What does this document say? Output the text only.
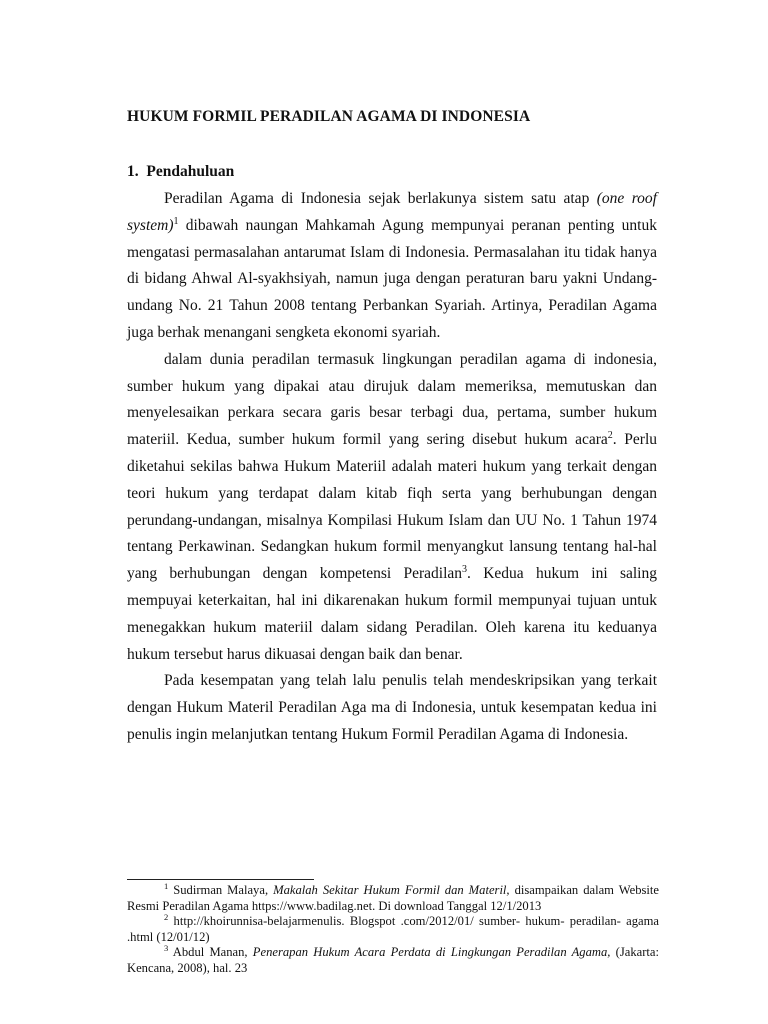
HUKUM FORMIL PERADILAN AGAMA DI INDONESIA
1. Pendahuluan

Peradilan Agama di Indonesia sejak berlakunya sistem satu atap (one roof system)$^1$ dibawah naungan Mahkamah Agung mempunyai peranan penting untuk mengatasi permasalahan antarumat Islam di Indonesia. Permasalahan itu tidak hanya di bidang Ahwal Al-syakhsiyah, namun juga dengan peraturan baru yakni Undang-undang No. 21 Tahun 2008 tentang Perbankan Syariah. Artinya, Peradilan Agama juga berhak menangani sengketa ekonomi syariah.

dalam dunia peradilan termasuk lingkungan peradilan agama di indonesia, sumber hukum yang dipakai atau dirujuk dalam memeriksa, memutuskan dan menyelesaikan perkara secara garis besar terbagi dua, pertama, sumber hukum materiil. Kedua, sumber hukum formil yang sering disebut hukum acara$^2$. Perlu diketahui sekilas bahwa Hukum Materiil adalah materi hukum yang terkait dengan teori hukum yang terdapat dalam kitab fiqh serta yang berhubungan dengan perundang-undangan, misalnya Kompilasi Hukum Islam dan UU No. 1 Tahun 1974 tentang Perkawinan. Sedangkan hukum formil menyangkut lansung tentang hal-hal yang berhubungan dengan kompetensi Peradilan$^3$. Kedua hukum ini saling mempuyai keterkaitan, hal ini dikarenakan hukum formil mempunyai tujuan untuk menegakkan hukum materiil dalam sidang Peradilan. Oleh karena itu keduanya hukum tersebut harus dikuasai dengan baik dan benar.

Pada kesempatan yang telah lalu penulis telah mendeskripsikan yang terkait dengan Hukum Materil Peradilan Aga ma di Indonesia, untuk kesempatan kedua ini penulis ingin melanjutkan tentang Hukum Formil Peradilan Agama di Indonesia.

$^1$ Sudirman Malaya, Makalah Sekitar Hukum Formil dan Materil, disampaikan dalam Website Resmi Peradilan Agama https://www.badilag.net. Di download Tanggal 12/1/2013

$^2$ http://khoirunnisa-belajarmenulis. Blogspot .com/2012/01/ sumber- hukum- peradilan- agama .html (12/01/12)

$^3$ Abdul Manan, Penerapan Hukum Acara Perdata di Lingkungan Peradilan Agama, (Jakarta: Kencana, 2008), hal. 23
